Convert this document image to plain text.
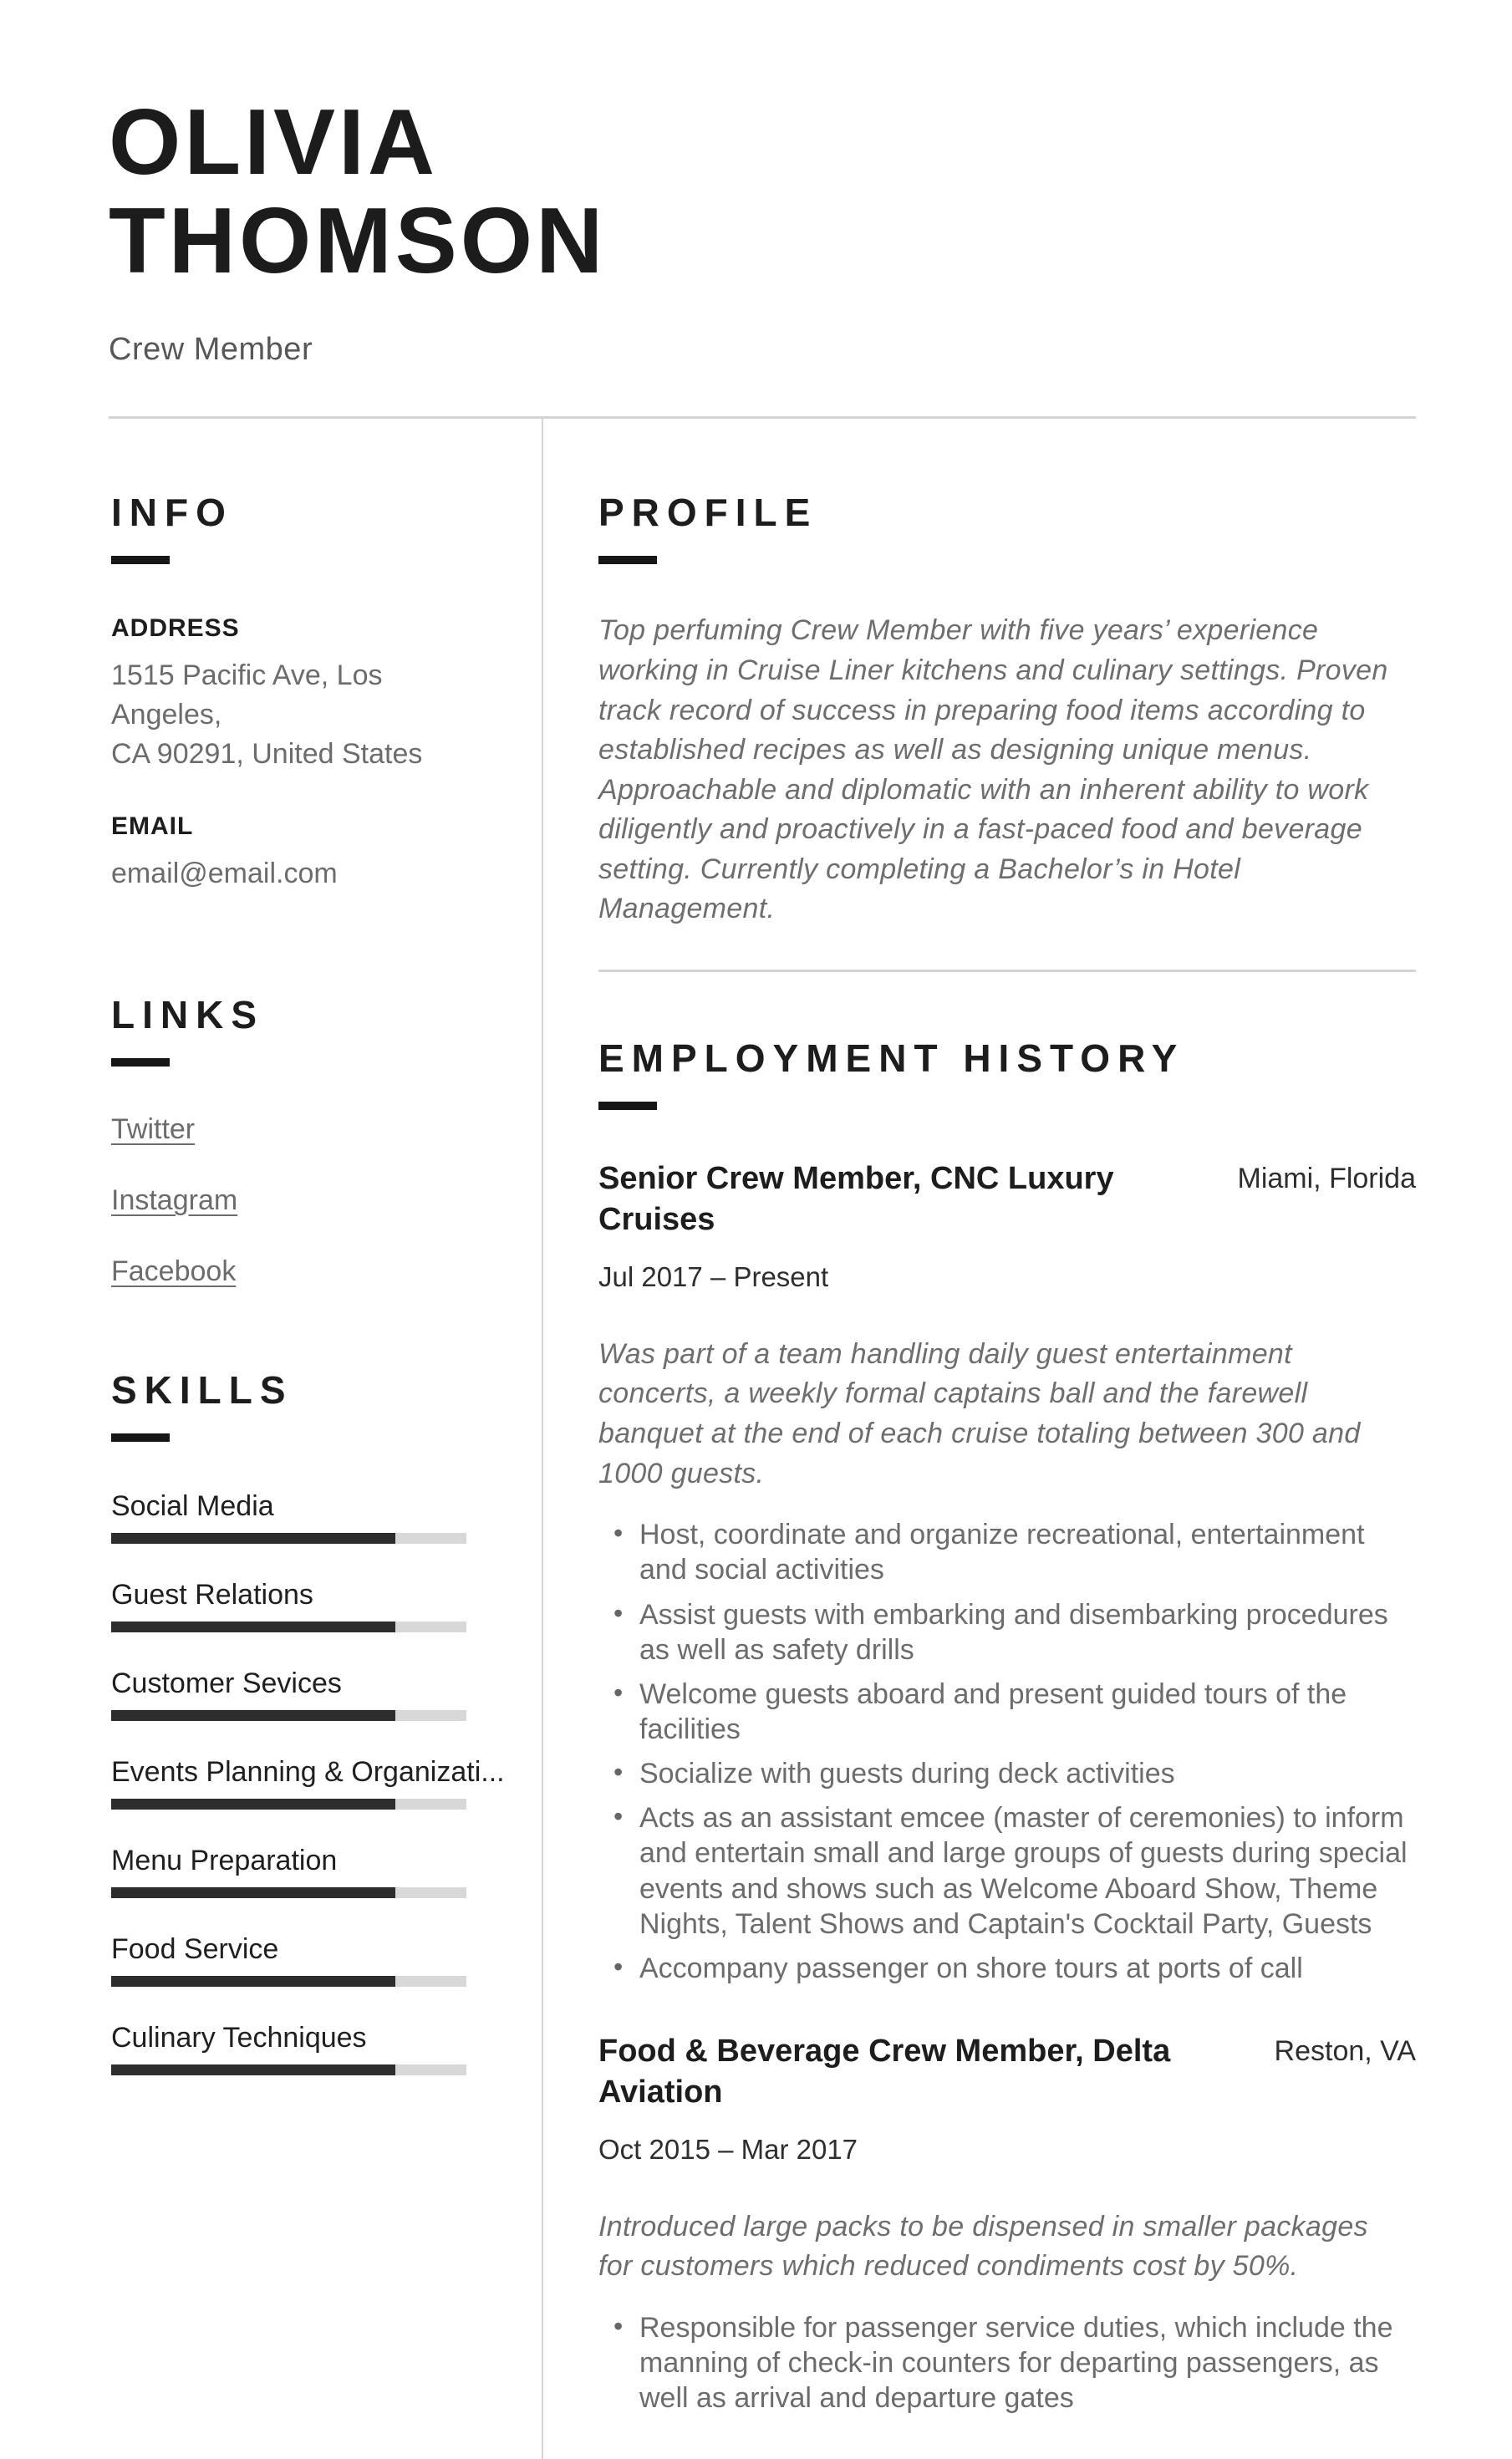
OLIVIA THOMSON
Crew Member
INFO
ADDRESS
1515 Pacific Ave, Los Angeles,
CA 90291, United States
EMAIL
email@email.com
LINKS
Twitter
Instagram
Facebook
SKILLS
Social Media
Guest Relations
Customer Sevices
Events Planning & Organizati...
Menu Preparation
Food Service
Culinary Techniques
PROFILE

Top perfuming Crew Member with five years’ experience working in Cruise Liner kitchens and culinary settings. Proven track record of success in preparing food items according to established recipes as well as designing unique menus. Approachable and diplomatic with an inherent ability to work diligently and proactively in a fast-paced food and beverage setting. Currently completing a Bachelor’s in Hotel Management.

EMPLOYMENT HISTORY
Senior Crew Member, CNC Luxury Cruises
Miami, Florida
Jul 2017 – Present

Was part of a team handling daily guest entertainment concerts, a weekly formal captains ball and the farewell banquet at the end of each cruise totaling between 300 and 1000 guests.

• Host, coordinate and organize recreational, entertainment and social activities
• Assist guests with embarking and disembarking procedures as well as safety drills
• Welcome guests aboard and present guided tours of the facilities
• Socialize with guests during deck activities
• Acts as an assistant emcee (master of ceremonies) to inform and entertain small and large groups of guests during special events and shows such as Welcome Aboard Show, Theme Nights, Talent Shows and Captain's Cocktail Party, Guests
• Accompany passenger on shore tours at ports of call
Food & Beverage Crew Member, Delta Aviation
Reston, VA
Oct 2015 – Mar 2017

Introduced large packs to be dispensed in smaller packages for customers which reduced condiments cost by 50%.

• Responsible for passenger service duties, which include the manning of check-in counters for departing passengers, as well as arrival and departure gates
